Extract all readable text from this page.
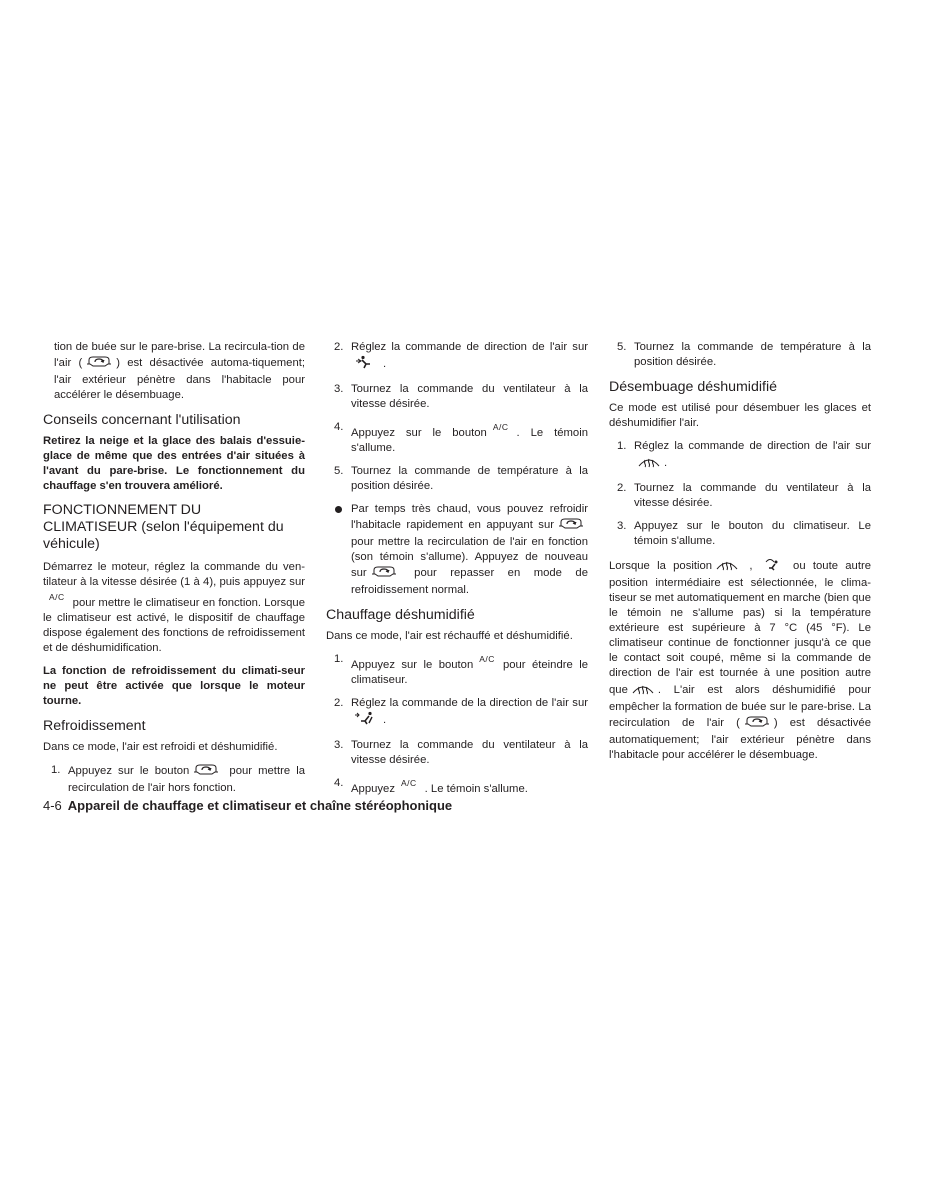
tion de buée sur le pare-brise. La recircula-tion de l'air (	) est désactivée automa-tiquement; l'air extérieur pénètre dans l'habitacle pour accélérer le désembuage.

Conseils concernant l'utilisation

Retirez la neige et la glace des balais d'essuie-glace de même que des entrées d'air situées à l'avant du pare-brise. Le fonctionnement du chauffage s'en trouvera amélioré.

FONCTIONNEMENT DU
CLIMATISEUR (selon l'équipement du véhicule)

Démarrez le moteur, réglez la commande du ven-tilateur à la vitesse désirée (1 à 4), puis appuyez surA/C pour mettre le climatiseur en fonction. Lorsque le climatiseur est activé, le dispositif de chauffage dispose également des fonctions de refroidissement et de déshumidification.

La fonction de refroidissement du climati-seur ne peut être activée que lorsque le moteur tourne.

Refroidissement

Dans ce mode, l'air est refroidi et déshumidifié.

1. Appuyez sur le bouton	pour mettre la recirculation de l'air hors fonction.
2. Réglez la commande de direction de l'air sur.
3. Tournez la commande du ventilateur à la vitesse désirée.
4. Appuyez sur le bouton A/C . Le témoin s'allume.
5. Tournez la commande de température à la position désirée.
Par temps très chaud, vous pouvez refroidir l'habitacle rapidement en appuyant sur pour mettre la recirculation de l'air en fonction (son témoin s'allume). Appuyez de nouveau sur	pour repasser en mode de refroidissement normal.
Chauffage déshumidifié

Dans ce mode, l'air est réchauffé et déshumidifié.

1. Appuyez sur le bouton A/C pour éteindre le climatiseur.
2. Réglez la commande de la direction de l'air sur.
3. Tournez la commande du ventilateur à la vitesse désirée.
4. Appuyez A/C . Le témoin s'allume.
5. Tournez la commande de température à la position désirée.
Désembuage déshumidifié

Ce mode est utilisé pour désembuer les glaces et déshumidifier l'air.

1. Réglez la commande de direction de l'air sur.
2. Tournez la commande du ventilateur à la vitesse désirée.
3. Appuyez sur le bouton du climatiseur. Le témoin s'allume.

Lorsque la position	,	ou toute autre position intermédiaire est sélectionnée, le clima-tiseur se met automatiquement en marche (bien que le témoin ne s'allume pas) si la température extérieure est supérieure à 7 °C (45 °F). Le climatiseur continue de fonctionner jusqu'à ce que le contact soit coupé, même si la commande de direction de l'air est tournée à une position autre que	. L'air est alors déshumidifié pour empêcher la formation de buée sur le pare-brise. La recirculation de l'air (	) est désactivée automatiquement; l'air extérieur pénètre dans l'habitacle pour accélérer le désembuage.

4-6 Appareil de chauffage et climatiseur et chaîne stéréophonique
